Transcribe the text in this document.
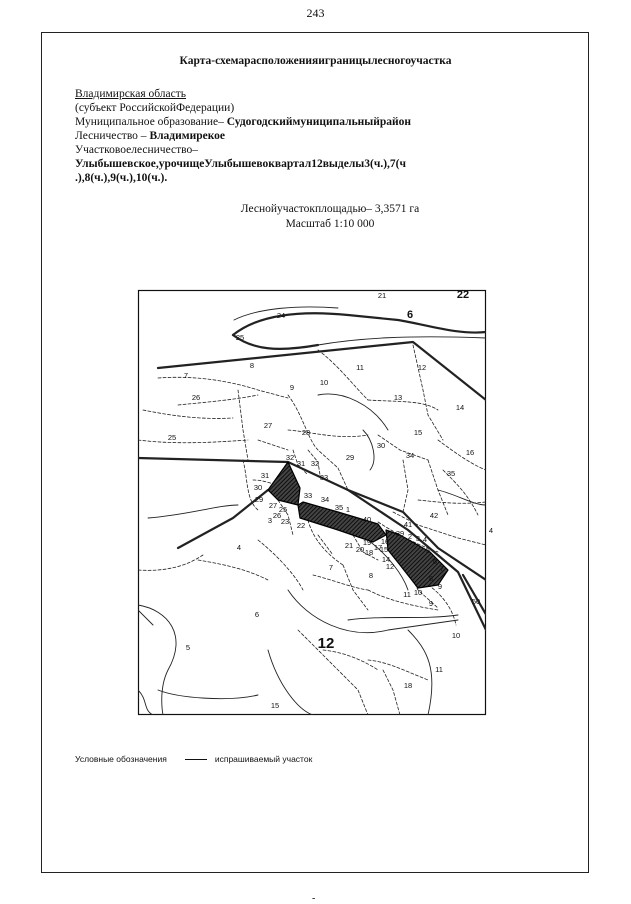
243
Карта-схемарасположенияиграницылесногоучастка
Владимирская область
(субъект РоссийскойФедерации)
Муниципальное образование– Судогодскиймуниципальныйрайон
Лесничество – Владимирекое
Участковоелесничество–
Улыбышевское,урочищеУлыбышевоквартал12выделы3(ч.),7(ч
.),8(ч.),9(ч.),10(ч.).
Леснойучастокплощадью– 3,3571 га
Масштаб 1:10 000
21	22
24
25
6
8
7
9
10
11	12
26	13
14
27
25
28	15
30
29	34	16
32
31 32
33	35
31
30
29	33 34
35
27
26
25	1
42
3 23 22
40
41
39 2 3 4
4	21 20
19
18
17
16
15
14
12
5
6
7
7
8
8
9
11 10
9	50
6
12
5
10
11
18
15
4
Условные обозначения	испрашиваемый участок
-
